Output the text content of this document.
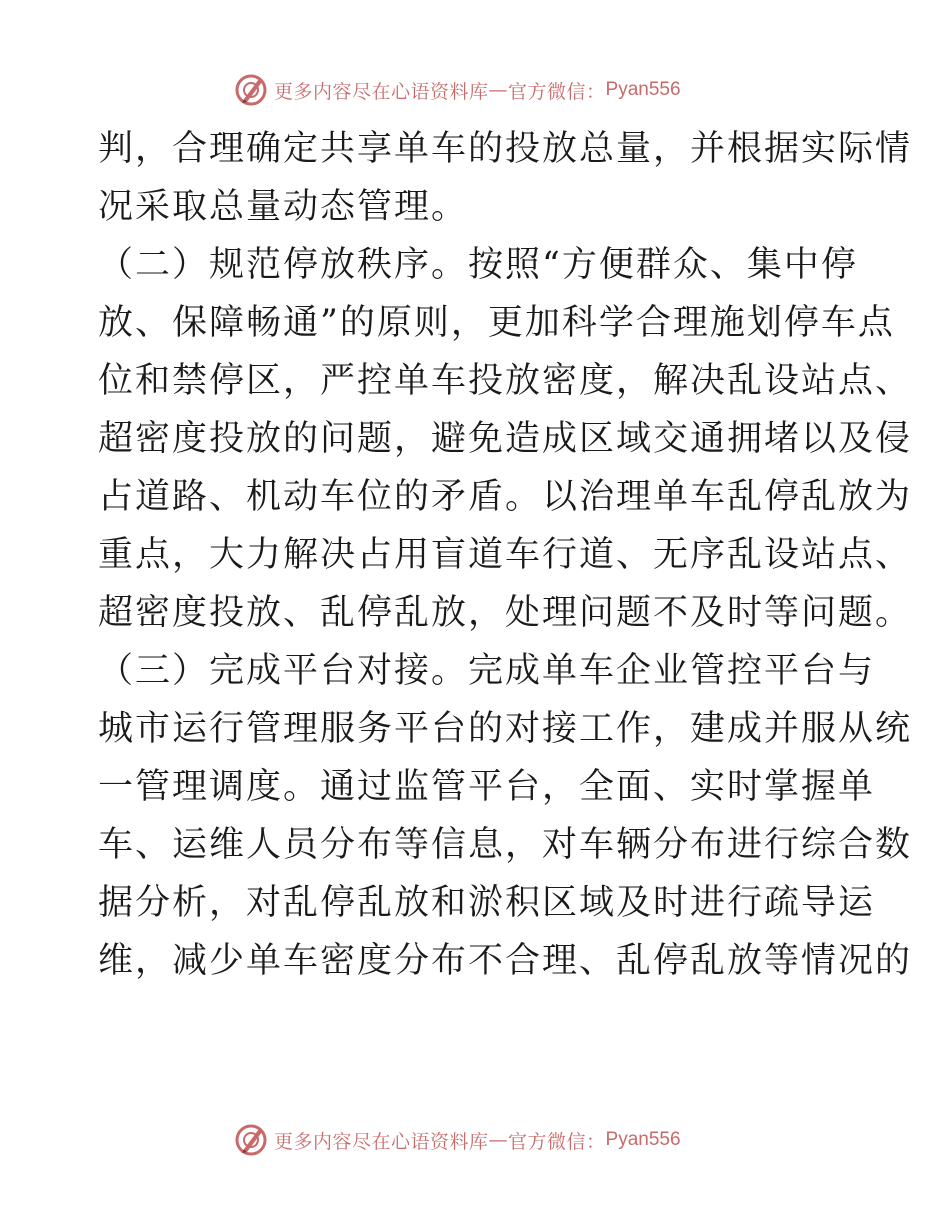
更多内容尽在心语资料库 — 官方微信： Pyan556
判，合理确定共享单车的投放总量，并根据实际情
况采取总量动态管理。
（二）规范停放秩序。按照“方便群众、集中停
放、保障畅通”的原则，更加科学合理施划停车点
位和禁停区，严控单车投放密度，解决乱设站点、
超密度投放的问题，避免造成区域交通拥堵以及侵
占道路、机动车位的矛盾。以治理单车乱停乱放为
重点，大力解决占用盲道车行道、无序乱设站点、
超密度投放、乱停乱放，处理问题不及时等问题。
（三）完成平台对接。完成单车企业管控平台与
城市运行管理服务平台的对接工作，建成并服从统
一管理调度。通过监管平台，全面、实时掌握单
车、运维人员分布等信息，对车辆分布进行综合数
据分析，对乱停乱放和淤积区域及时进行疏导运
维，减少单车密度分布不合理、乱停乱放等情况的
更多内容尽在心语资料库 — 官方微信： Pyan556
